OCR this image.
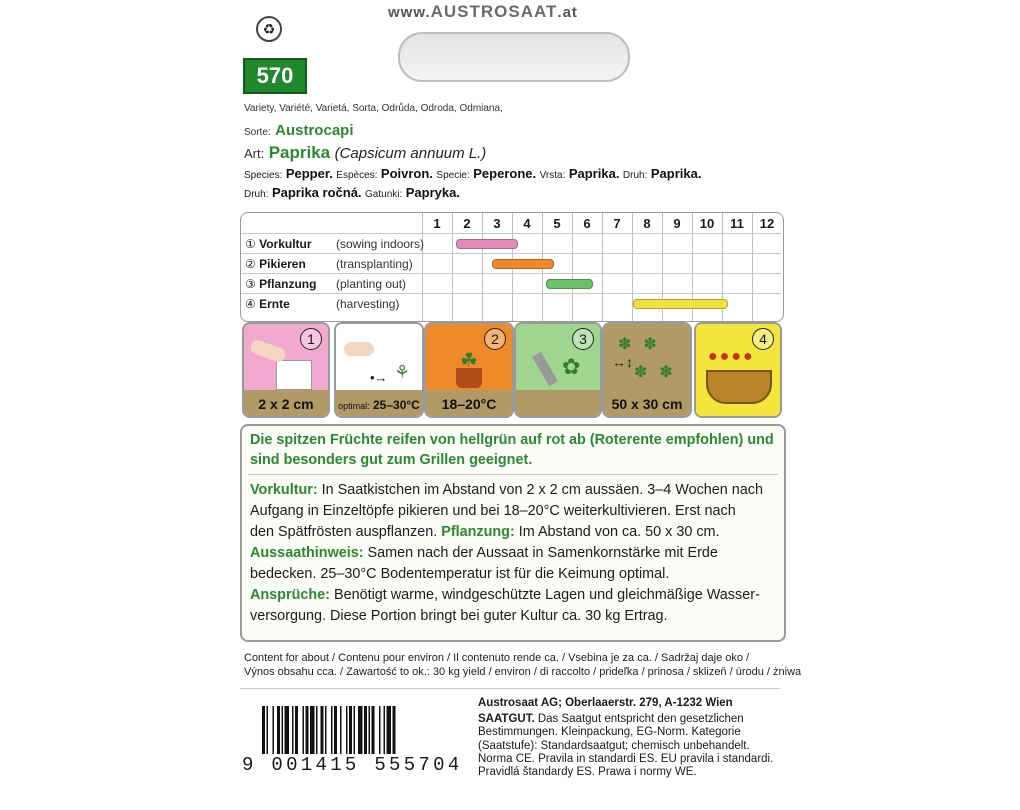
www.AUSTROSAAT.at
♻
570
Variety, Variété, Varietá, Sorta, Odrůda, Odroda, Odmiana,
Sorte: Austrocapi
Art: Paprika (Capsicum annuum L.)
Species: Pepper. Espèces: Poivron. Specie: Peperone. Vrsta: Paprika. Druh: Paprika.
Druh: Paprika ročná. Gatunki: Papryka.
1	2	3	4	5	6	7	8	9	10	11	12
① Vorkultur (sowing indoors)
② Pikieren	(transplanting)
③ Pflanzung (planting out)
④ Ernte	(harvesting)
1
2 x 2 cm
•→ ⚘
optimal: 25–30°C
☘
2
18–20°C
✿
3	✽✽
✽✽
↔↕
50 x 30 cm
●●●●
4
Die spitzen Früchte reifen von hellgrün auf rot ab (Roterente empfohlen) und
sind besonders gut zum Grillen geeignet.
Vorkultur: In Saatkistchen im Abstand von 2 x 2 cm aussäen. 3–4 Wochen nach
Aufgang in Einzeltöpfe pikieren und bei 18–20°C weiterkultivieren. Erst nach
den Spätfrösten auspflanzen. Pflanzung: Im Abstand von ca. 50 x 30 cm.
Aussaathinweis: Samen nach der Aussaat in Samenkornstärke mit Erde
bedecken. 25–30°C Bodentemperatur ist für die Keimung optimal.
Ansprüche: Benötigt warme, windgeschützte Lagen und gleichmäßige Wasser-
versorgung. Diese Portion bringt bei guter Kultur ca. 30 kg Ertrag.
Content for about / Contenu pour environ / Il contenuto rende ca. / Vsebina je za ca. / Sadržaj daje oko /
Výnos obsahu cca. / Zawartość to ok.: 30 kg yield / environ / di raccolto / prideľka / prinosa / sklizeň / úrodu / żniwa
9 001415 555704
Austrosaat AG; Oberlaaerstr. 279, A-1232 Wien
SAATGUT. Das Saatgut entspricht den gesetzlichen
Bestimmungen. Kleinpackung, EG-Norm. Kategorie
(Saatstufe): Standardsaatgut; chemisch unbehandelt.
Norma CE. Pravila in standardi ES. EU pravila i standardi.
Pravidlá štandardy ES. Prawa i normy WE.
